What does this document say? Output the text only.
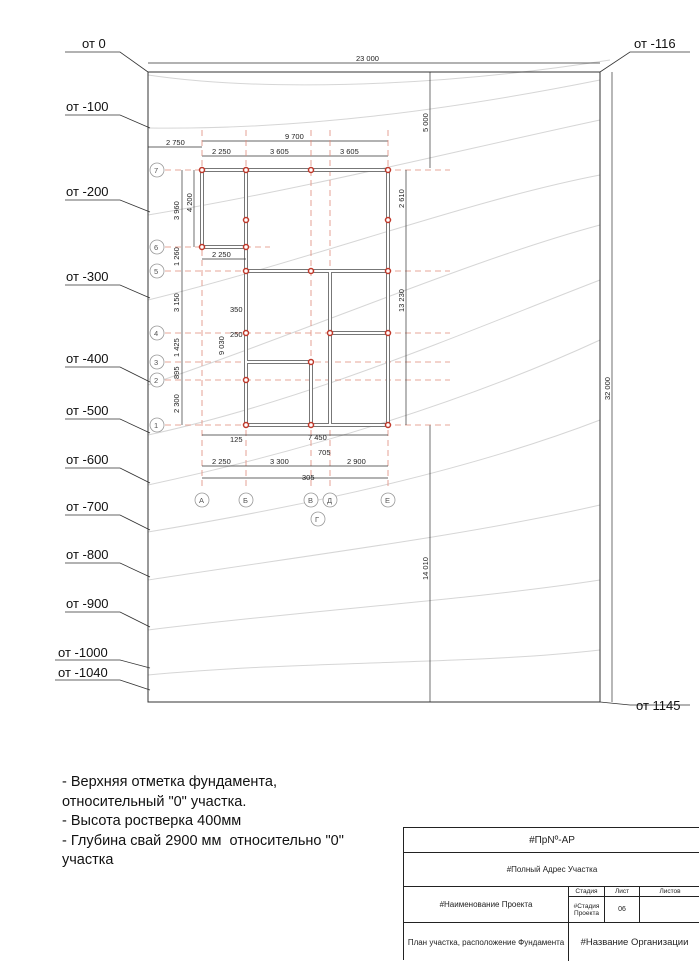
от 0	от -116
от -100
от -200
от -300
от -400
от -500
от -600
от -700
от -800
от -900
от -1000
от -1040
от 1145
23 000
32 000
5 000
14 010
2 750
9 700
2 250	3 605	3 605
3 960 4 200
1 260	2 250
3 150
1 425
895
2 300
2 610
13 230
350
9 030
250
125	7 450
705
2 250	3 300	2 900
305
7
6
5
4
3
2
1
А	Б	В Д	Е
Г
- Верхняя отметка фундамента,
относительный "0" участка.
- Высота ростверка 400мм
- Глубина свай 2900 мм  относительно "0"
участка
#ПрNº-АР
#Полный Адрес Участка
#Наименование Проекта
Стадия	Лист	Листов
#Стадия Проекта	06
План участка, расположение Фундамента	#Название Организации
